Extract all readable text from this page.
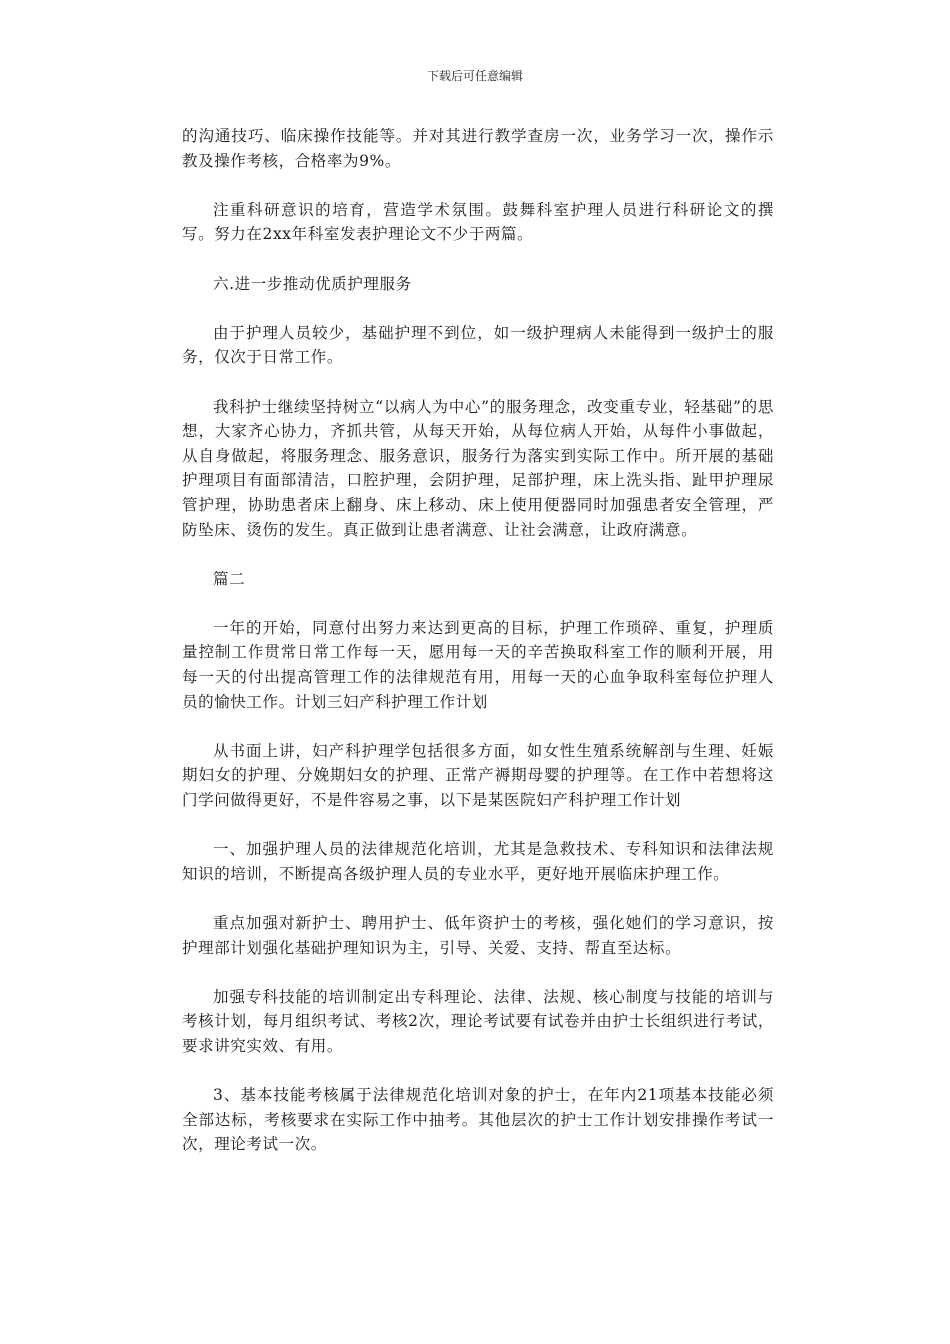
下载后可任意编辑

的沟通技巧、临床操作技能等。并对其进行教学查房一次，业务学习一次，操作示教及操作考核，合格率为9%。

注重科研意识的培育，营造学术氛围。鼓舞科室护理人员进行科研论文的撰写。努力在2xx年科室发表护理论文不少于两篇。

六.进一步推动优质护理服务

由于护理人员较少，基础护理不到位，如一级护理病人未能得到一级护士的服务，仅次于日常工作。

我科护士继续坚持树立“以病人为中心”的服务理念，改变重专业，轻基础”的思想，大家齐心协力，齐抓共管，从每天开始，从每位病人开始，从每件小事做起，从自身做起，将服务理念、服务意识，服务行为落实到实际工作中。所开展的基础护理项目有面部清洁，口腔护理，会阴护理，足部护理，床上洗头指、趾甲护理尿管护理，协助患者床上翻身、床上移动、床上使用便器同时加强患者安全管理，严防坠床、烫伤的发生。真正做到让患者满意、让社会满意，让政府满意。

篇二

一年的开始，同意付出努力来达到更高的目标，护理工作琐碎、重复，护理质量控制工作贯常日常工作每一天，愿用每一天的辛苦换取科室工作的顺利开展，用每一天的付出提高管理工作的法律规范有用，用每一天的心血争取科室每位护理人员的愉快工作。计划三妇产科护理工作计划

从书面上讲，妇产科护理学包括很多方面，如女性生殖系统解剖与生理、妊娠期妇女的护理、分娩期妇女的护理、正常产褥期母婴的护理等。在工作中若想将这门学问做得更好，不是件容易之事，以下是某医院妇产科护理工作计划

一、加强护理人员的法律规范化培训，尤其是急救技术、专科知识和法律法规知识的培训，不断提高各级护理人员的专业水平，更好地开展临床护理工作。

重点加强对新护士、聘用护士、低年资护士的考核，强化她们的学习意识，按护理部计划强化基础护理知识为主，引导、关爱、支持、帮直至达标。

加强专科技能的培训制定出专科理论、法律、法规、核心制度与技能的培训与考核计划，每月组织考试、考核2次，理论考试要有试卷并由护士长组织进行考试，要求讲究实效、有用。

3、基本技能考核属于法律规范化培训对象的护士，在年内21项基本技能必须全部达标，考核要求在实际工作中抽考。其他层次的护士工作计划安排操作考试一次，理论考试一次。
